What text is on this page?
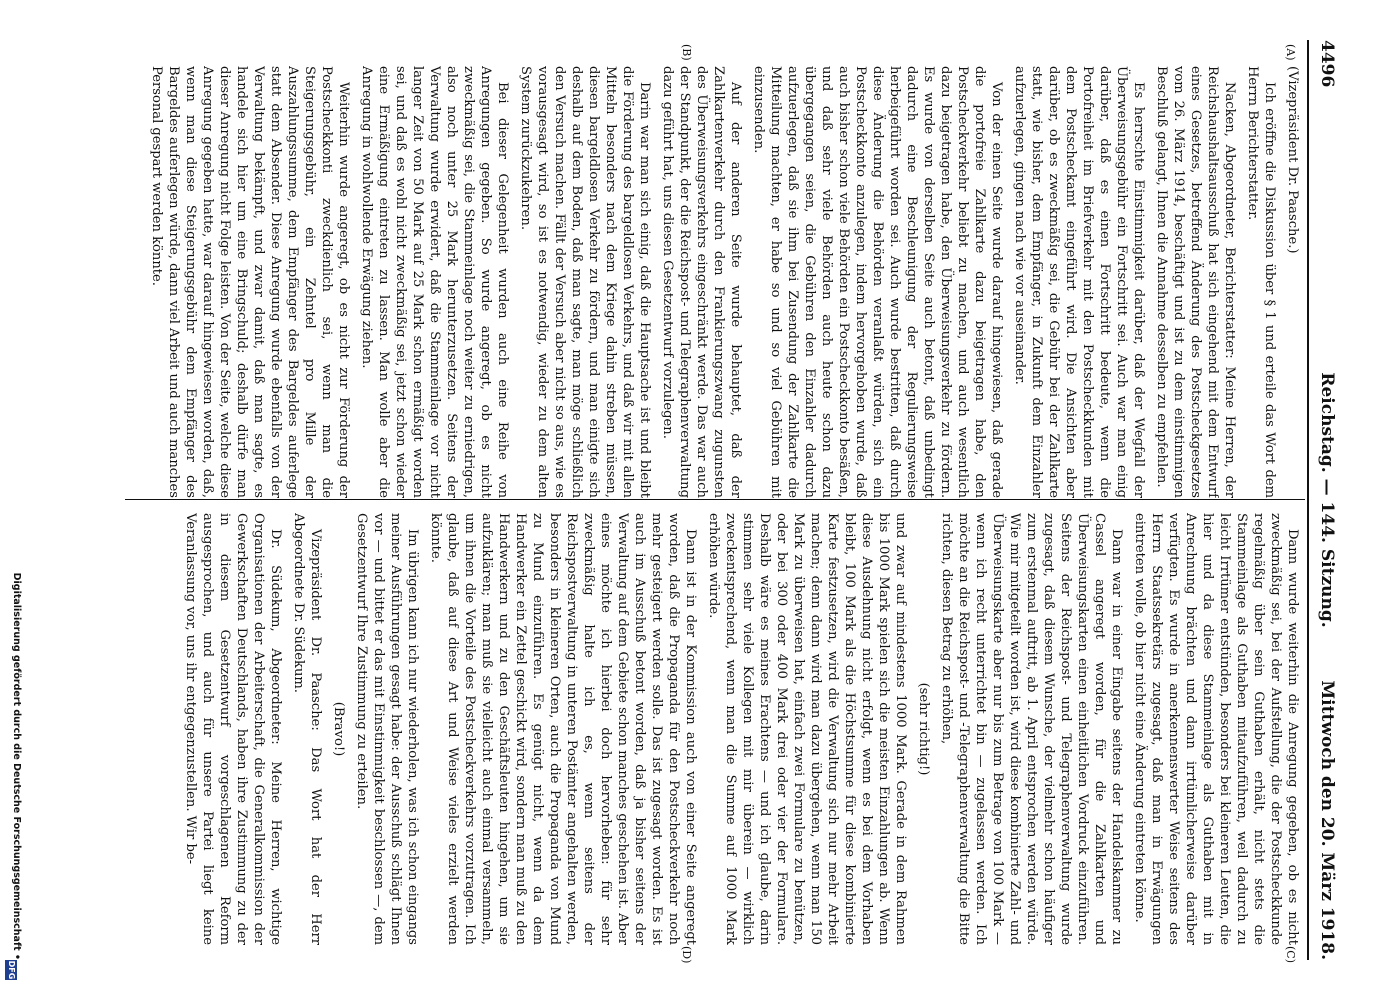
4496
Reichstag. — 144. Sitzung.
Mittwoch den 20. März 1918.
(A)
(B)
(C)
(D)

(Vizepräsident Dr. Paasche.)

Ich eröffne die Diskussion über § 1 und erteile das Wort dem Herrn Berichterstatter.

Nacken, Abgeordneter, Berichterstatter: Meine Herren, der Reichshaushaltsausschuß hat sich eingehend mit dem Entwurf eines Gesetzes, betreffend Änderung des Postscheckgesetzes vom 26. März 1914, beschäftigt und ist zu dem einstimmigen Beschluß gelangt, Ihnen die Annahme desselben zu empfehlen.

Es herrschte Einstimmigkeit darüber, daß der Wegfall der Überweisungsgebühr ein Fortschritt sei. Auch war man einig darüber, daß es einen Fortschritt bedeute, wenn die Portofreiheit im Briefverkehr mit den Postscheckkunden mit dem Postscheckamt eingeführt wird. Die Ansichten aber darüber, ob es zweckmäßig sei, die Gebühr bei der Zahlkarte statt, wie bisher, dem Empfänger, in Zukunft dem Einzahler aufzuerlegen, gingen nach wie vor auseinander.

Von der einen Seite wurde darauf hingewiesen, daß gerade die portofreie Zahlkarte dazu beigetragen habe, den Postscheckverkehr beliebt zu machen, und auch wesentlich dazu beigetragen habe, den Überweisungsverkehr zu fördern. Es wurde von derselben Seite auch betont, daß unbedingt dadurch eine Beschleunigung der Regulierungsweise herbeigeführt worden sei. Auch wurde bestritten, daß durch diese Änderung die Behörden veranlaßt würden, sich ein Postscheckkonto anzulegen, indem hervorgehoben wurde, daß auch bisher schon viele Behörden ein Postscheckkonto besäßen, und daß sehr viele Behörden auch heute schon dazu übergegangen seien, die Gebühren den Einzahler dadurch aufzuerlegen, daß sie ihm bei Zusendung der Zahlkarte die Mitteilung machten, er habe so und so viel Gebühren mit einzusenden.

Auf der anderen Seite wurde behauptet, daß der Zahlkartenverkehr durch den Frankierungszwang zugunsten des Überweisungsverkehrs eingeschränkt werde. Das war auch der Standpunkt, der die Reichspost- und Telegraphenverwaltung dazu geführt hat, uns diesen Gesetzentwurf vorzulegen.

Darin war man sich einig, daß die Hauptsache ist und bleibt die Förderung des bargeldlosen Verkehrs, und daß wir mit allen Mitteln besonders nach dem Kriege dahin streben müssen, diesen bargeldlosen Verkehr zu fördern, und man einigte sich deshalb auf dem Boden, daß man sagte, man möge schließlich den Versuch machen. Fällt der Versuch aber nicht so aus, wie es vorausgesagt wird, so ist es notwendig, wieder zu dem alten System zurückzukehren.

Bei dieser Gelegenheit wurden auch eine Reihe von Anregungen gegeben. So wurde angeregt, ob es nicht zweckmäßig sei, die Stammeinlage noch weiter zu erniedrigen, also noch unter 25 Mark herunterzusetzen. Seitens der Verwaltung wurde erwidert, daß die Stammeinlage vor nicht langer Zeit von 50 Mark auf 25 Mark schon ermäßigt worden sei, und daß es wohl nicht zweckmäßig sei, jetzt schon wieder eine Ermäßigung eintreten zu lassen. Man wolle aber die Anregung in wohlwollende Erwägung ziehen.

Weiterhin wurde angeregt, ob es nicht zur Förderung der Postscheckkonti zweckdienlich sei, wenn man die Steigerungsgebühr, ein Zehntel pro Mille der Auszahlungssumme, dem Empfänger des Bargeldes auferlege statt dem Absender. Diese Anregung wurde ebenfalls von der Verwaltung bekämpft, und zwar damit, daß man sagte, es handele sich hier um eine Bringschuld; deshalb dürfe man dieser Anregung nicht Folge leisten. Von der Seite, welche diese Anregung gegeben hatte, war darauf hingewiesen worden, daß, wenn man diese Steigerungsgebühr dem Empfänger des Bargeldes auferlegen würde, dann viel Arbeit und auch manches Personal gespart werden könnte.

Dann wurde weiterhin die Anregung gegeben, ob es nicht zweckmäßig sei, bei der Aufstellung, die der Postscheckkunde regelmäßig über sein Guthaben erhält, nicht stets die Stammeinlage als Guthaben mitaufzuführen, weil dadurch zu leicht Irrtümer entstünden, besonders bei kleineren Leuten, die hier und da diese Stammeinlage als Guthaben mit in Anrechnung brächten und dann irrtümlicherweise darüber verfügten. Es wurde in anerkennenswerter Weise seitens des Herrn Staatssekretärs zugesagt, daß man in Erwägungen eintreten wolle, ob hier nicht eine Änderung eintreten könne.

Dann war in einer Eingabe seitens der Handelskammer zu Cassel angeregt worden, für die Zahlkarten und Überweisungskarten einen einheitlichen Vordruck einzuführen. Seitens der Reichspost- und Telegraphenverwaltung wurde zugesagt, daß diesem Wunsche, der vielmehr schon häufiger zum erstenmal auftritt, ab 1. April entsprochen werden würde. Wie mir mitgeteilt worden ist, wird diese kombinierte Zahl- und Überweisungskarte aber nur bis zum Betrage von 100 Mark — wenn ich recht unterrichtet bin — zugelassen werden. Ich möchte an die Reichspost- und -Telegraphenverwaltung die Bitte richten, diesen Betrag zu erhöhen,

(sehr richtig!)

und zwar auf mindestens 1000 Mark. Gerade in dem Rahmen bis 1000 Mark spielen sich die meisten Einzahlungen ab. Wenn diese Ausdehnung nicht erfolgt, wenn es bei dem Vorhaben bleibt, 100 Mark als die Höchstsumme für diese kombinierte Karte festzusetzen, wird die Verwaltung sich nur mehr Arbeit machen; denn dann wird man dazu übergehen, wenn man 150 Mark zu überweisen hat, einfach zwei Formulare zu benützen, oder bei 300 oder 400 Mark drei oder vier der Formulare. Deshalb wäre es meines Erachtens — und ich glaube, darin stimmen sehr viele Kollegen mit mir überein — wirklich zweckentsprechend, wenn man die Summe auf 1000 Mark erhöhen würde.

Dann ist in der Kommission auch von einer Seite angeregt worden, daß die Propaganda für den Postscheckverkehr noch mehr gesteigert werden solle. Das ist zugesagt worden. Es ist auch im Ausschuß betont worden, daß ja bisher seitens der Verwaltung auf dem Gebiete schon manches geschehen ist. Aber eines möchte ich hierbei doch hervorheben: für sehr zweckmäßig halte ich es, wenn seitens der Reichspostverwaltung in unteren Postämter angehalten werden, besonders in kleineren Orten, auch die Propaganda von Mund zu Mund einzuführen. Es genügt nicht, wenn da dem Handwerker ein Zettel geschickt wird, sondern man muß zu den Handwerkern und zu den Geschäftsleuten hingehen, um sie aufzuklären; man muß sie vielleicht auch einmal versammeln, um ihnen die Vorteile des Postscheckverkehrs vorzutragen. Ich glaube, daß auf diese Art und Weise vieles erzielt werden könnte.

Im übrigen kann ich nur wiederholen, was ich schon eingangs meiner Ausführungen gesagt habe: der Ausschuß schlägt Ihnen vor — und bittet er das mit Einstimmigkeit beschlossen —, dem Gesetzentwurf Ihre Zustimmung zu erteilen.

(Bravo!)

Vizepräsident Dr. Paasche: Das Wort hat der Herr Abgeordnete Dr. Südekum.

Dr. Südekum, Abgeordneter: Meine Herren, wichtige Organisationen der Arbeiterschaft, die Generalkommission der Gewerkschaften Deutschlands, haben ihre Zustimmung zu der in diesem Gesetzentwurf vorgeschlagenen Reform ausgesprochen, und auch für unsere Partei liegt keine Veranlassung vor, uns ihr entgegenzustellen. Wir be-

Digitalisierung gefördert durch die Deutsche Forschungsgemeinschaft •
DFG
